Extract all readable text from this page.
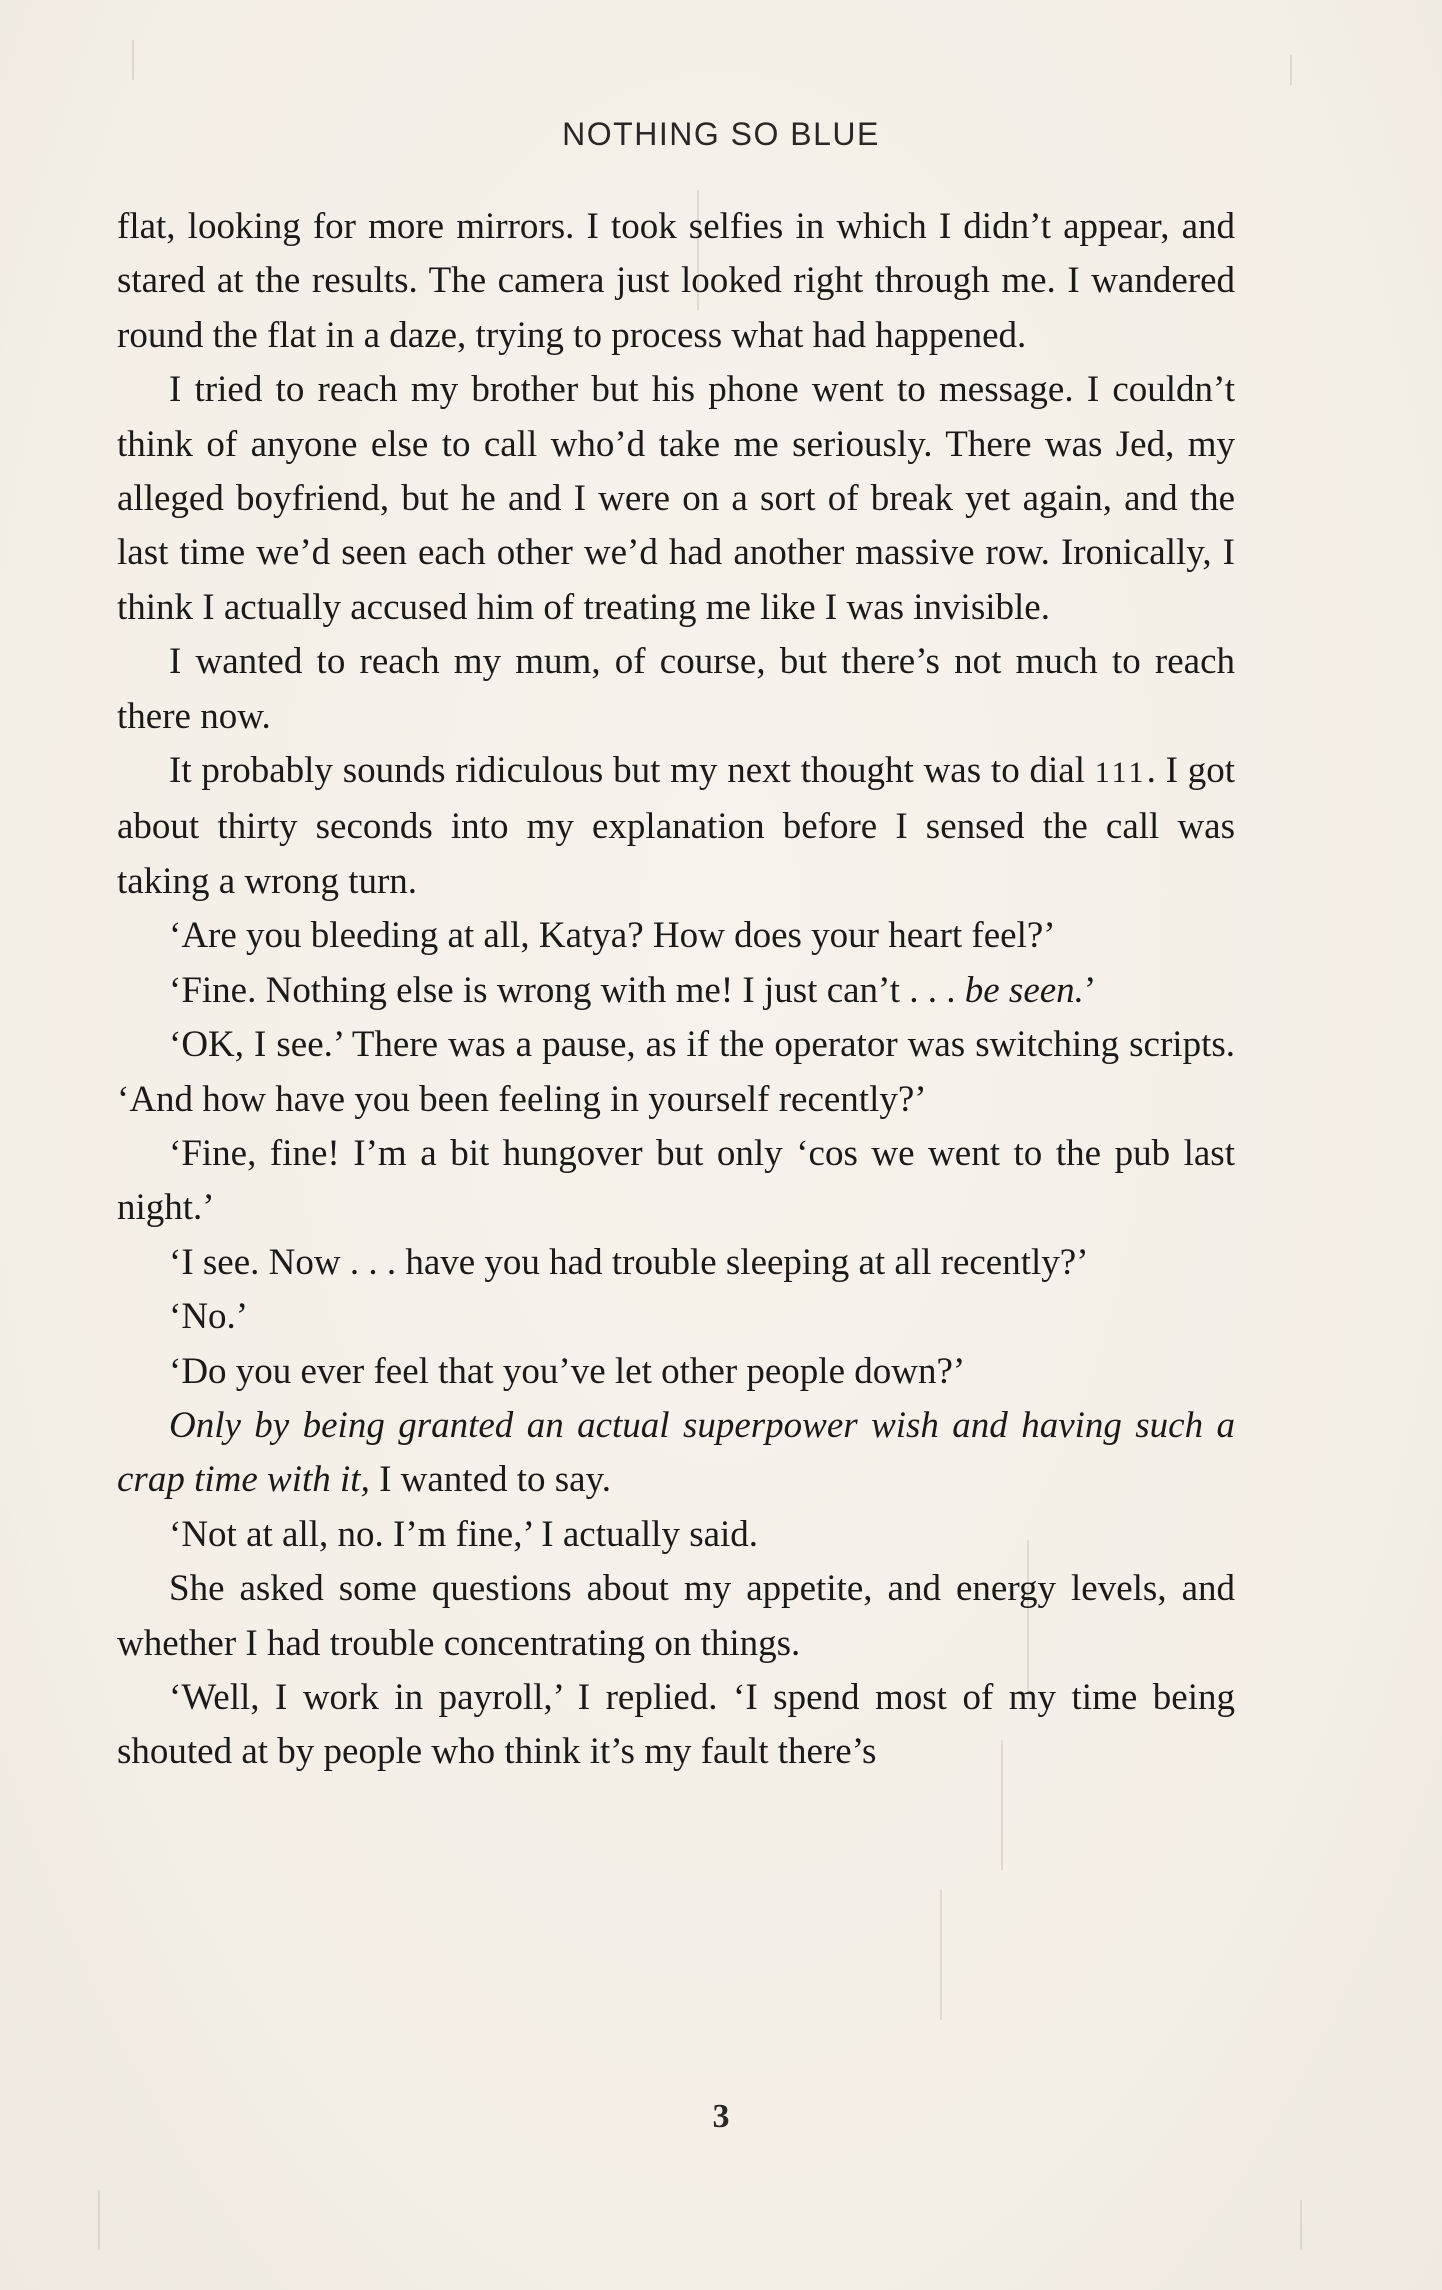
NOTHING SO BLUE

flat, looking for more mirrors. I took selfies in which I didn’t appear, and stared at the results. The camera just looked right through me. I wandered round the flat in a daze, trying to process what had happened.

I tried to reach my brother but his phone went to message. I couldn’t think of anyone else to call who’d take me seriously. There was Jed, my alleged boyfriend, but he and I were on a sort of break yet again, and the last time we’d seen each other we’d had another massive row. Ironically, I think I actually accused him of treating me like I was invisible.

I wanted to reach my mum, of course, but there’s not much to reach there now.

It probably sounds ridiculous but my next thought was to dial 111. I got about thirty seconds into my explanation before I sensed the call was taking a wrong turn.

‘Are you bleeding at all, Katya? How does your heart feel?’

‘Fine. Nothing else is wrong with me! I just can’t . . . be seen.’

‘OK, I see.’ There was a pause, as if the operator was switching scripts. ‘And how have you been feeling in yourself recently?’

‘Fine, fine! I’m a bit hungover but only ‘cos we went to the pub last night.’

‘I see. Now . . . have you had trouble sleeping at all recently?’

‘No.’

‘Do you ever feel that you’ve let other people down?’

Only by being granted an actual superpower wish and having such a crap time with it, I wanted to say.

‘Not at all, no. I’m fine,’ I actually said.

She asked some questions about my appetite, and energy levels, and whether I had trouble concentrating on things.

‘Well, I work in payroll,’ I replied. ‘I spend most of my time being shouted at by people who think it’s my fault there’s

3
